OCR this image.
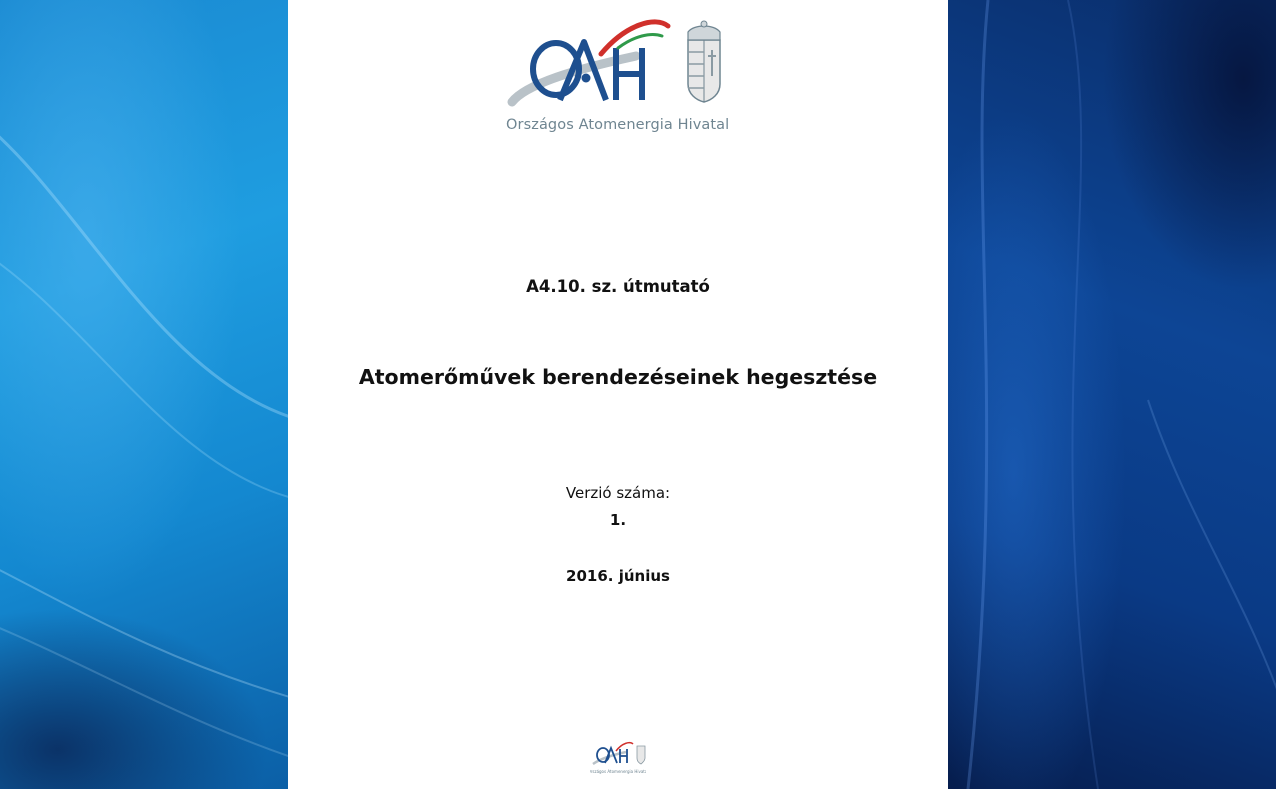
Országos Atomenergia Hivatal
A4.10. sz. útmutató
Atomerőművek berendezéseinek hegesztése
Verzió száma:
1.
2016. június
Országos Atomenergia Hivatal
